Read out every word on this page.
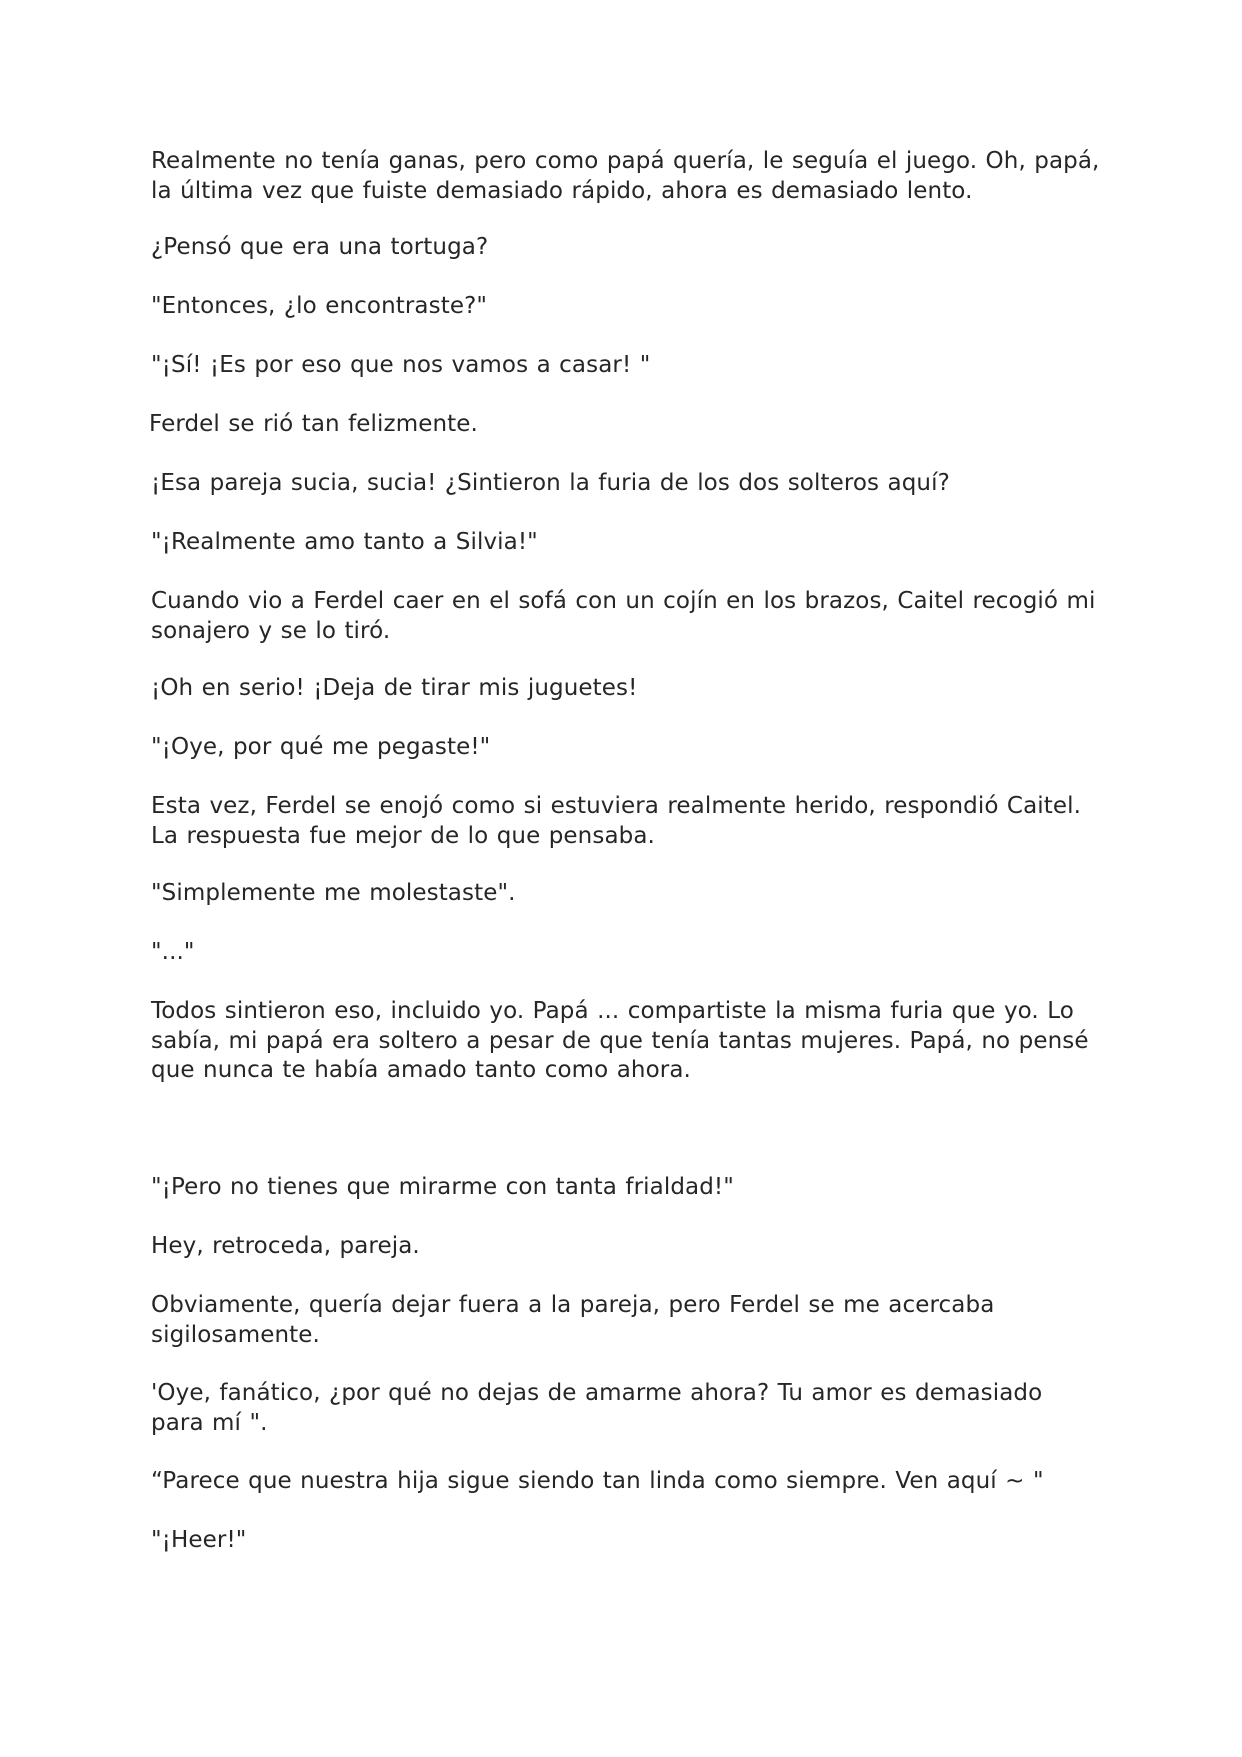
Realmente no tenía ganas, pero como papá quería, le seguía el juego. Oh, papá, la última vez que fuiste demasiado rápido, ahora es demasiado lento.

¿Pensó que era una tortuga?

"Entonces, ¿lo encontraste?"

"¡Sí! ¡Es por eso que nos vamos a casar! "

Ferdel se rió tan felizmente.

¡Esa pareja sucia, sucia! ¿Sintieron la furia de los dos solteros aquí?

"¡Realmente amo tanto a Silvia!"

Cuando vio a Ferdel caer en el sofá con un cojín en los brazos, Caitel recogió mi sonajero y se lo tiró.

¡Oh en serio! ¡Deja de tirar mis juguetes!

"¡Oye, por qué me pegaste!"

Esta vez, Ferdel se enojó como si estuviera realmente herido, respondió Caitel. La respuesta fue mejor de lo que pensaba.

"Simplemente me molestaste".

"..."

Todos sintieron eso, incluido yo. Papá ... compartiste la misma furia que yo. Lo sabía, mi papá era soltero a pesar de que tenía tantas mujeres. Papá, no pensé que nunca te había amado tanto como ahora.

"¡Pero no tienes que mirarme con tanta frialdad!"

Hey, retroceda, pareja.

Obviamente, quería dejar fuera a la pareja, pero Ferdel se me acercaba sigilosamente.

'Oye, fanático, ¿por qué no dejas de amarme ahora? Tu amor es demasiado para mí ".

“Parece que nuestra hija sigue siendo tan linda como siempre. Ven aquí ~ "

"¡Heer!"
